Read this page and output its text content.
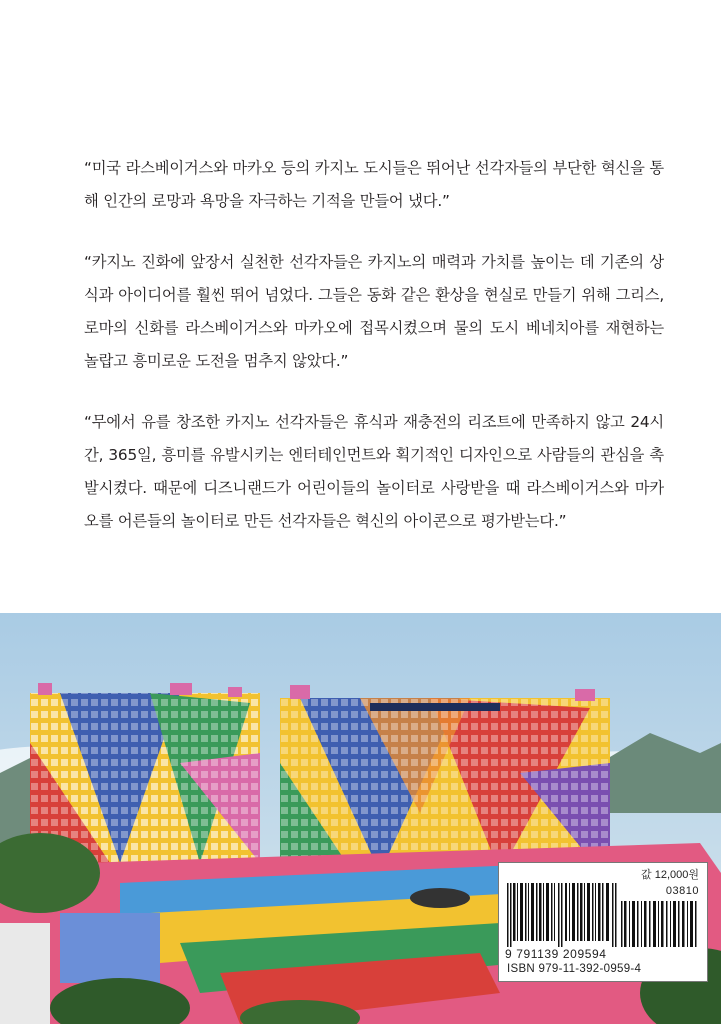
“미국 라스베이거스와 마카오 등의 카지노 도시들은 뛰어난 선각자들의 부단한 혁신을 통해 인간의 로망과 욕망을 자극하는 기적을 만들어 냈다.”

“카지노 진화에 앞장서 실천한 선각자들은 카지노의 매력과 가치를 높이는 데 기존의 상식과 아이디어를 훨씬 뛰어 넘었다. 그들은 동화 같은 환상을 현실로 만들기 위해 그리스, 로마의 신화를 라스베이거스와 마카오에 접목시켰으며 물의 도시 베네치아를 재현하는 놀랍고 흥미로운 도전을 멈추지 않았다.”

“무에서 유를 창조한 카지노 선각자들은 휴식과 재충전의 리조트에 만족하지 않고 24시간, 365일, 흥미를 유발시키는 엔터테인먼트와 획기적인 디자인으로 사람들의 관심을 촉발시켰다. 때문에 디즈니랜드가 어린이들의 놀이터로 사랑받을 때 라스베이거스와 마카오를 어른들의 놀이터로 만든 선각자들은 혁신의 아이콘으로 평가받는다.”

값 12,000원
03810
9 791139 209594
ISBN 979-11-392-0959-4
